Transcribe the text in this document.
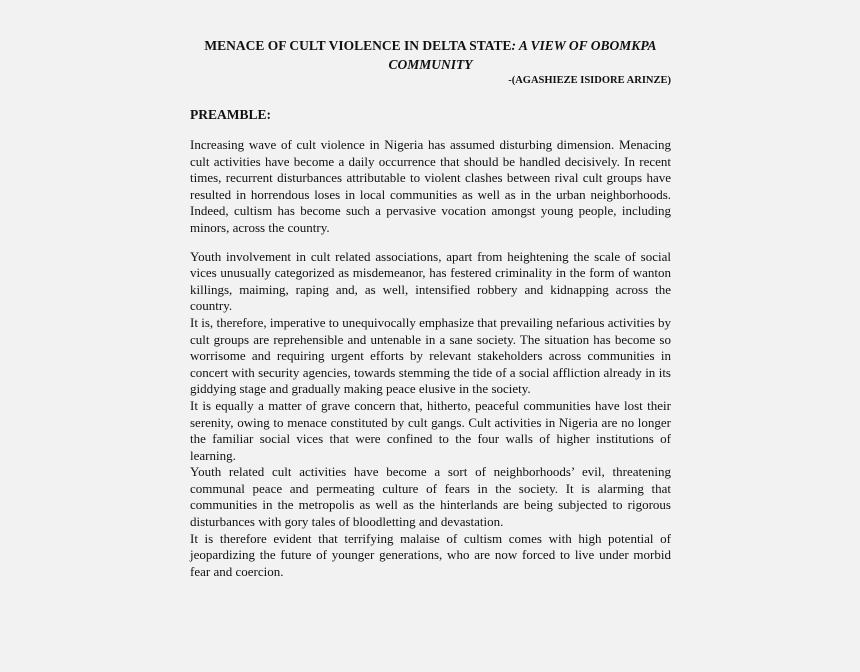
MENACE OF CULT VIOLENCE IN DELTA STATE: A VIEW OF OBOMKPA COMMUNITY

-(AGASHIEZE ISIDORE ARINZE)

PREAMBLE:

Increasing wave of cult violence in Nigeria has assumed disturbing dimension. Menacing cult activities have become a daily occurrence that should be handled decisively. In recent times, recurrent disturbances attributable to violent clashes between rival cult groups have resulted in horrendous loses in local communities as well as in the urban neighborhoods. Indeed, cultism has become such a pervasive vocation amongst young people, including minors, across the country.

Youth involvement in cult related associations, apart from heightening the scale of social vices unusually categorized as misdemeanor, has festered criminality in the form of wanton killings, maiming, raping and, as well, intensified robbery and kidnapping across the country.

It is, therefore, imperative to unequivocally emphasize that prevailing nefarious activities by cult groups are reprehensible and untenable in a sane society. The situation has become so worrisome and requiring urgent efforts by relevant stakeholders across communities in concert with security agencies, towards stemming the tide of a social affliction already in its giddying stage and gradually making peace elusive in the society.

It is equally a matter of grave concern that, hitherto, peaceful communities have lost their serenity, owing to menace constituted by cult gangs. Cult activities in Nigeria are no longer the familiar social vices that were confined to the four walls of higher institutions of learning.

Youth related cult activities have become a sort of neighborhoods’ evil, threatening communal peace and permeating culture of fears in the society. It is alarming that communities in the metropolis as well as the hinterlands are being subjected to rigorous disturbances with gory tales of bloodletting and devastation.

It is therefore evident that terrifying malaise of cultism comes with high potential of jeopardizing the future of younger generations, who are now forced to live under morbid fear and coercion.
